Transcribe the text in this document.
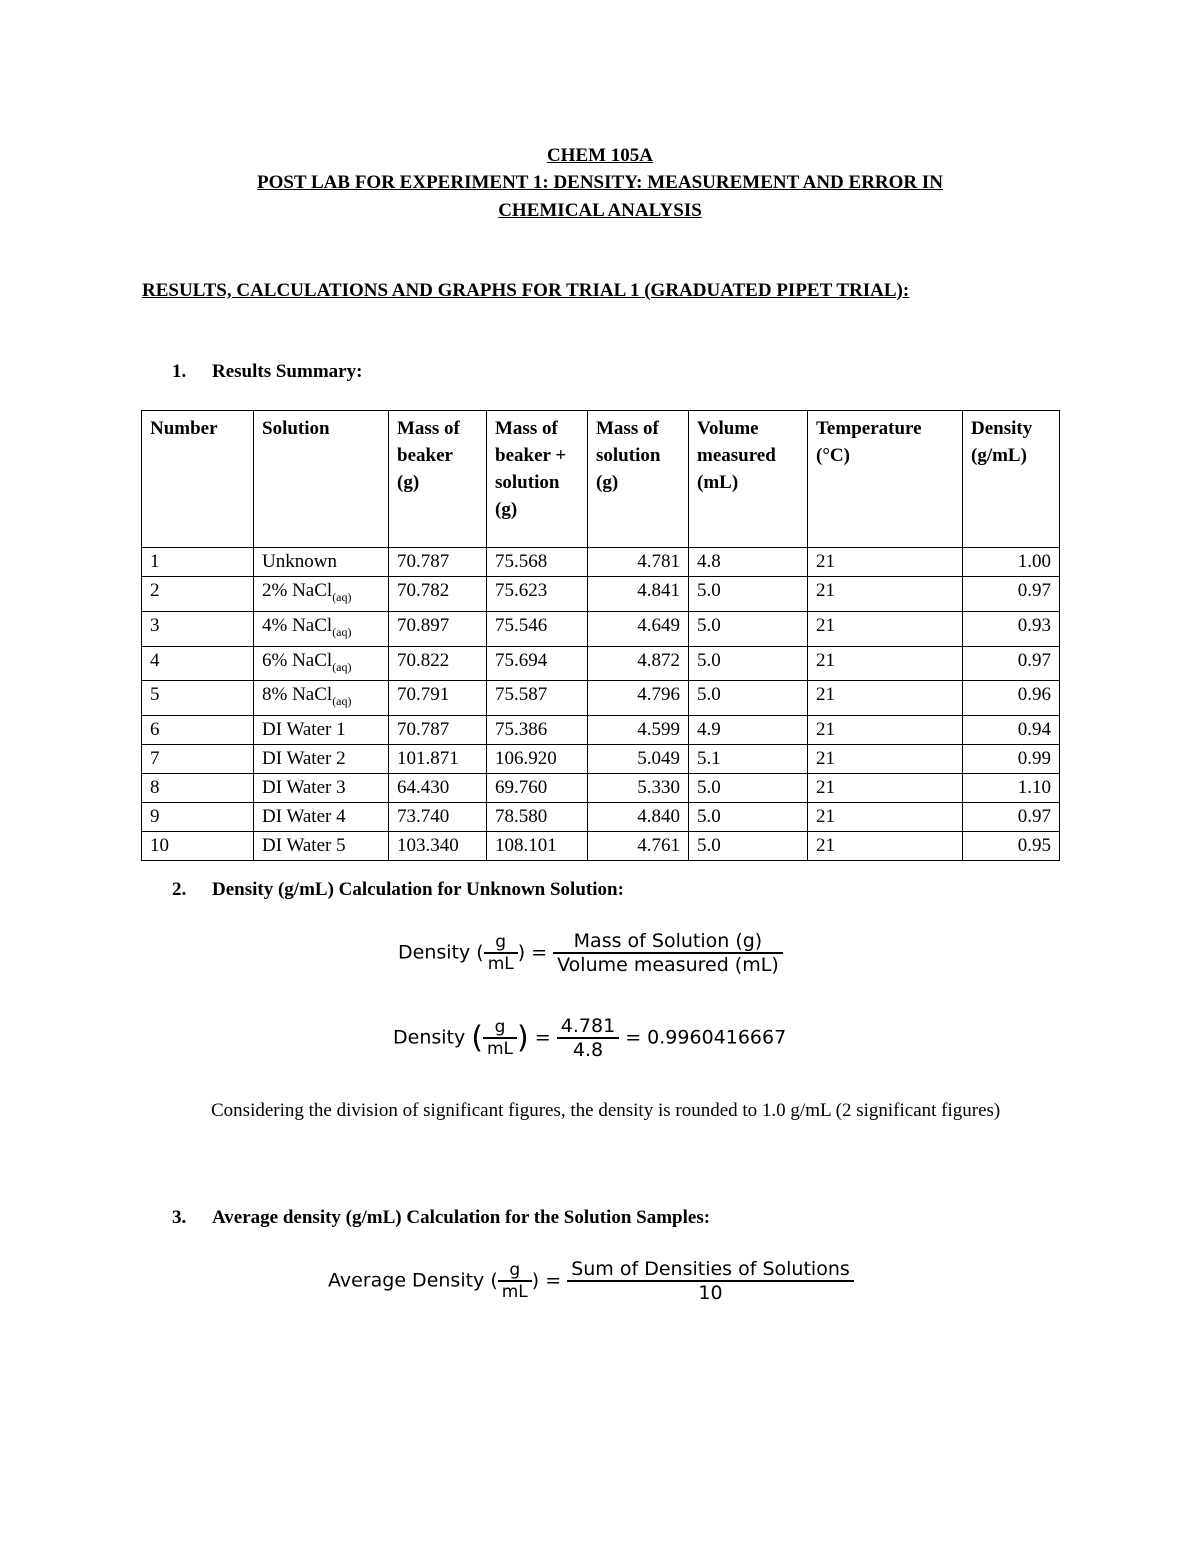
CHEM 105A
POST LAB FOR EXPERIMENT 1: DENSITY: MEASUREMENT AND ERROR IN
CHEMICAL ANALYSIS
RESULTS, CALCULATIONS AND GRAPHS FOR TRIAL 1 (GRADUATED PIPET TRIAL):
1. Results Summary:
Number	Solution	Mass of beaker (g)	Mass of beaker + solution (g)	Mass of solution (g)	Volume measured (mL)	Temperature (°C)	Density (g/mL)
1	Unknown	70.787	75.568	4.781	4.8	21	1.00
2	2% NaCl$_{(aq)}$	70.782	75.623	4.841	5.0	21	0.97
3	4% NaCl$_{(aq)}$	70.897	75.546	4.649	5.0	21	0.93
4	6% NaCl$_{(aq)}$	70.822	75.694	4.872	5.0	21	0.97
5	8% NaCl$_{(aq)}$	70.791	75.587	4.796	5.0	21	0.96
6	DI Water 1	70.787	75.386	4.599	4.9	21	0.94
7	DI Water 2	101.871	106.920	5.049	5.1	21	0.99
8	DI Water 3	64.430	69.760	5.330	5.0	21	1.10
9	DI Water 4	73.740	78.580	4.840	5.0	21	0.97
10	DI Water 5	103.340	108.101	4.761	5.0	21	0.95
2. Density (g/mL) Calculation for Unknown Solution:
Density ( $\frac{g}{mL}$ ) = $\frac{\text{Mass of Solution (g)}}{\text{Volume measured (mL)}}$
Density ( $\frac{g}{mL}$ ) = $\frac{4.781}{4.8} = 0.9960416667$
Considering the division of significant figures, the density is rounded to 1.0 g/mL (2 significant figures)
3. Average density (g/mL) Calculation for the Solution Samples:
Average Density ( $\frac{g}{mL}$ ) = $\frac{\text{Sum of Densities of Solutions}}{10}$
